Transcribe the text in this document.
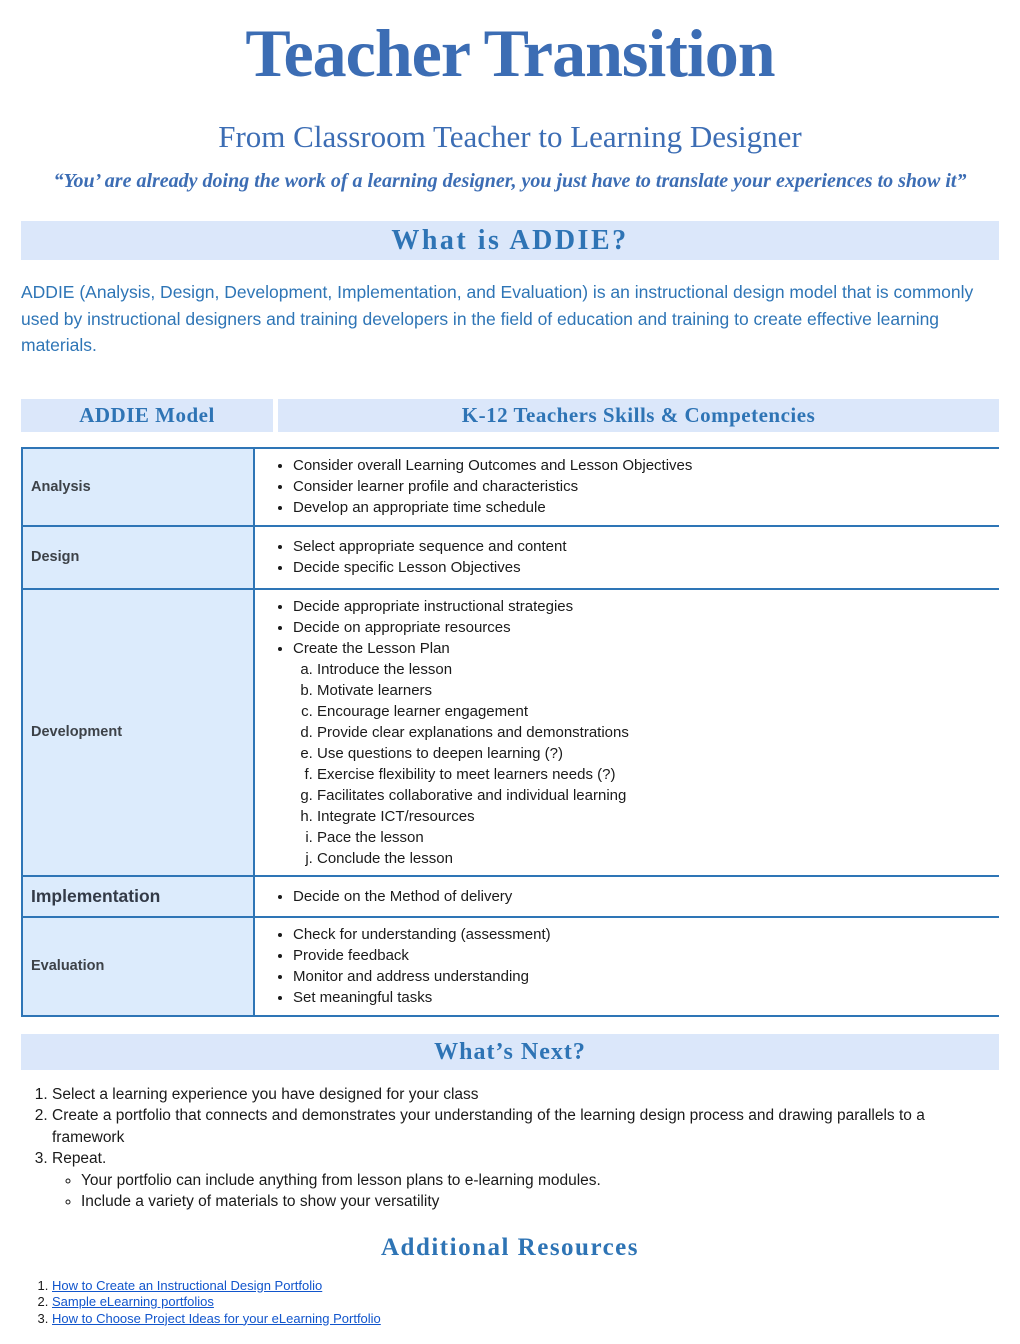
Teacher Transition
From Classroom Teacher to Learning Designer

“You’ are already doing the work of a learning designer, you just have to translate your experiences to show it”

What is ADDIE?

ADDIE (Analysis, Design, Development, Implementation, and Evaluation) is an instructional design model that is commonly used by instructional designers and training developers in the field of education and training to create effective learning materials.

ADDIE Model	K-12 Teachers Skills & Competencies
Analysis
• Consider overall Learning Outcomes and Lesson Objectives
• Consider learner profile and characteristics
• Develop an appropriate time schedule
Design
• Select appropriate sequence and content
• Decide specific Lesson Objectives
Development
• Decide appropriate instructional strategies
• Decide on appropriate resources
• Create the Lesson Plan
a. Introduce the lesson
b. Motivate learners
c. Encourage learner engagement
d. Provide clear explanations and demonstrations
e. Use questions to deepen learning (?)
f. Exercise flexibility to meet learners needs (?)
g. Facilitates collaborative and individual learning
h. Integrate ICT/resources
i. Pace the lesson
j. Conclude the lesson
Implementation	• Decide on the Method of delivery
Evaluation
• Check for understanding (assessment)
• Provide feedback
• Monitor and address understanding
• Set meaningful tasks
What’s Next?
1. Select a learning experience you have designed for your class
2. Create a portfolio that connects and demonstrates your understanding of the learning design process and drawing parallels to a framework
3. Repeat.
◦ Your portfolio can include anything from lesson plans to e-learning modules.
◦ Include a variety of materials to show your versatility
Additional Resources
1. How to Create an Instructional Design Portfolio
2. Sample eLearning portfolios
3. How to Choose Project Ideas for your eLearning Portfolio
